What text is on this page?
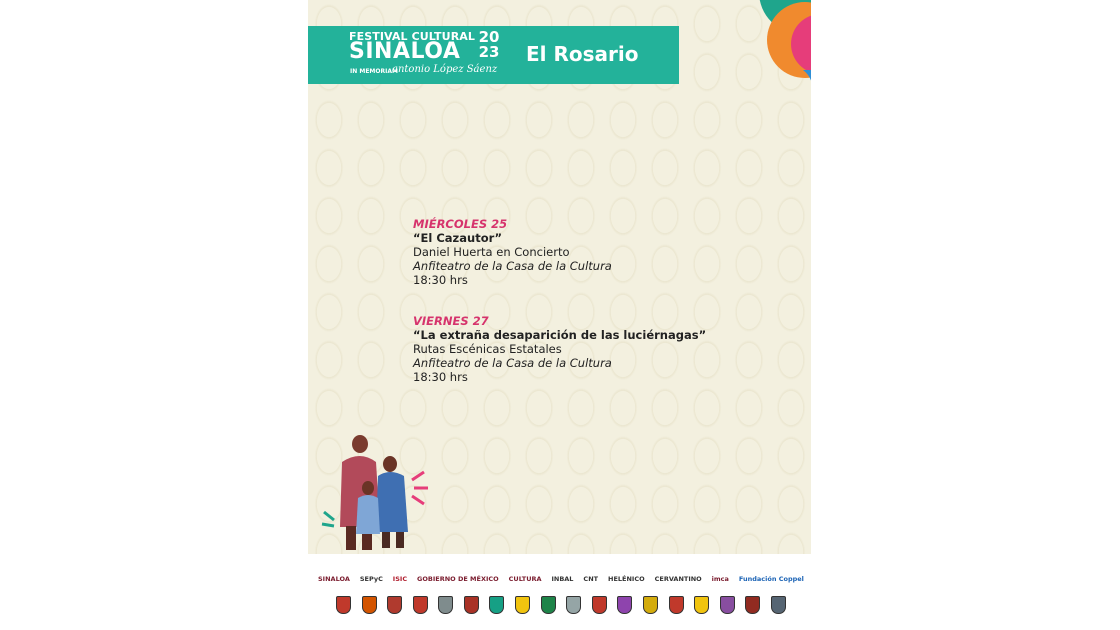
FESTIVAL CULTURAL
SINALOA
20
23
IN MEMORIAM
antonio López Sáenz
El Rosario
MIÉRCOLES 25
“El Cazautor”
Daniel Huerta en Concierto
Anfiteatro de la Casa de la Cultura
18:30 hrs
VIERNES 27
“La extraña desaparición de las luciérnagas”
Rutas Escénicas Estatales
Anfiteatro de la Casa de la Cultura
18:30 hrs
SINALOA SEPyC ISIC GOBIERNO DE MÉXICO CULTURA INBAL CNT HELÉNICO CERVANTINO imca Fundación Coppel
